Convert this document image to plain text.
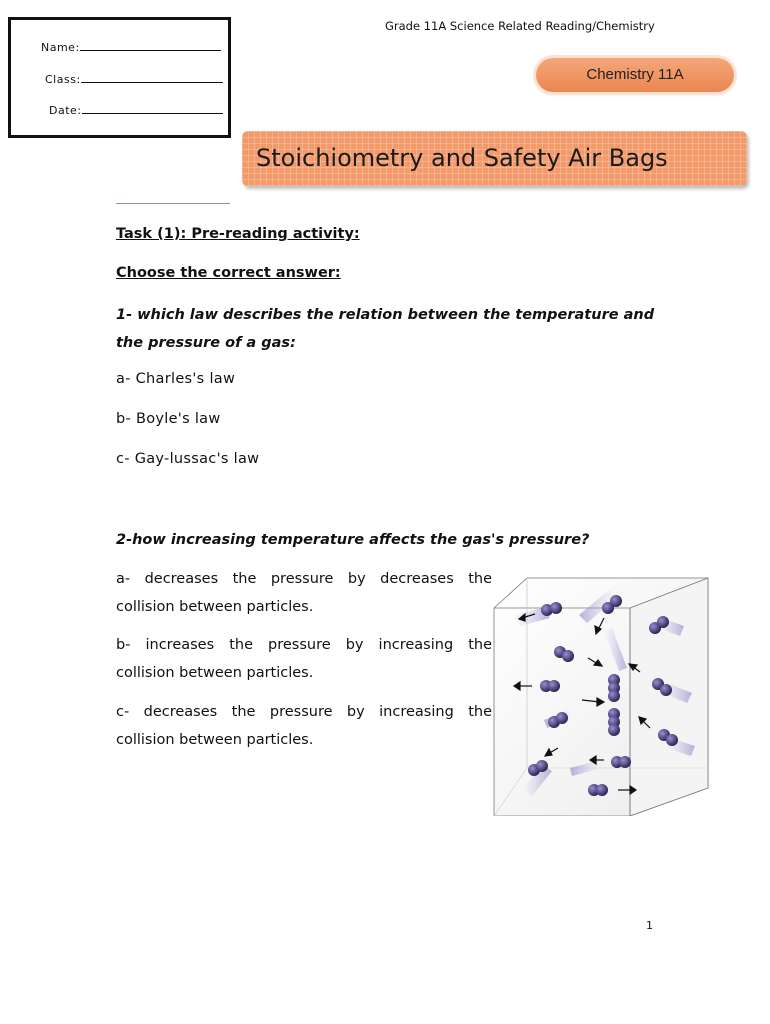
Name:
Class:
Date:
Grade 11A Science Related Reading/Chemistry
Chemistry 11A
Stoichiometry and Safety Air Bags
Task (1): Pre-reading activity:
Choose the correct answer:
1- which law describes the relation between the temperature and the pressure of a gas:
a- Charles's law
b- Boyle's law
c- Gay-lussac's law
2-how increasing temperature affects the gas's pressure?
a- decreases the pressure by decreases the collision between particles.
b- increases the pressure by increasing the collision between particles.
c- decreases the pressure by increasing the collision between particles.
1
